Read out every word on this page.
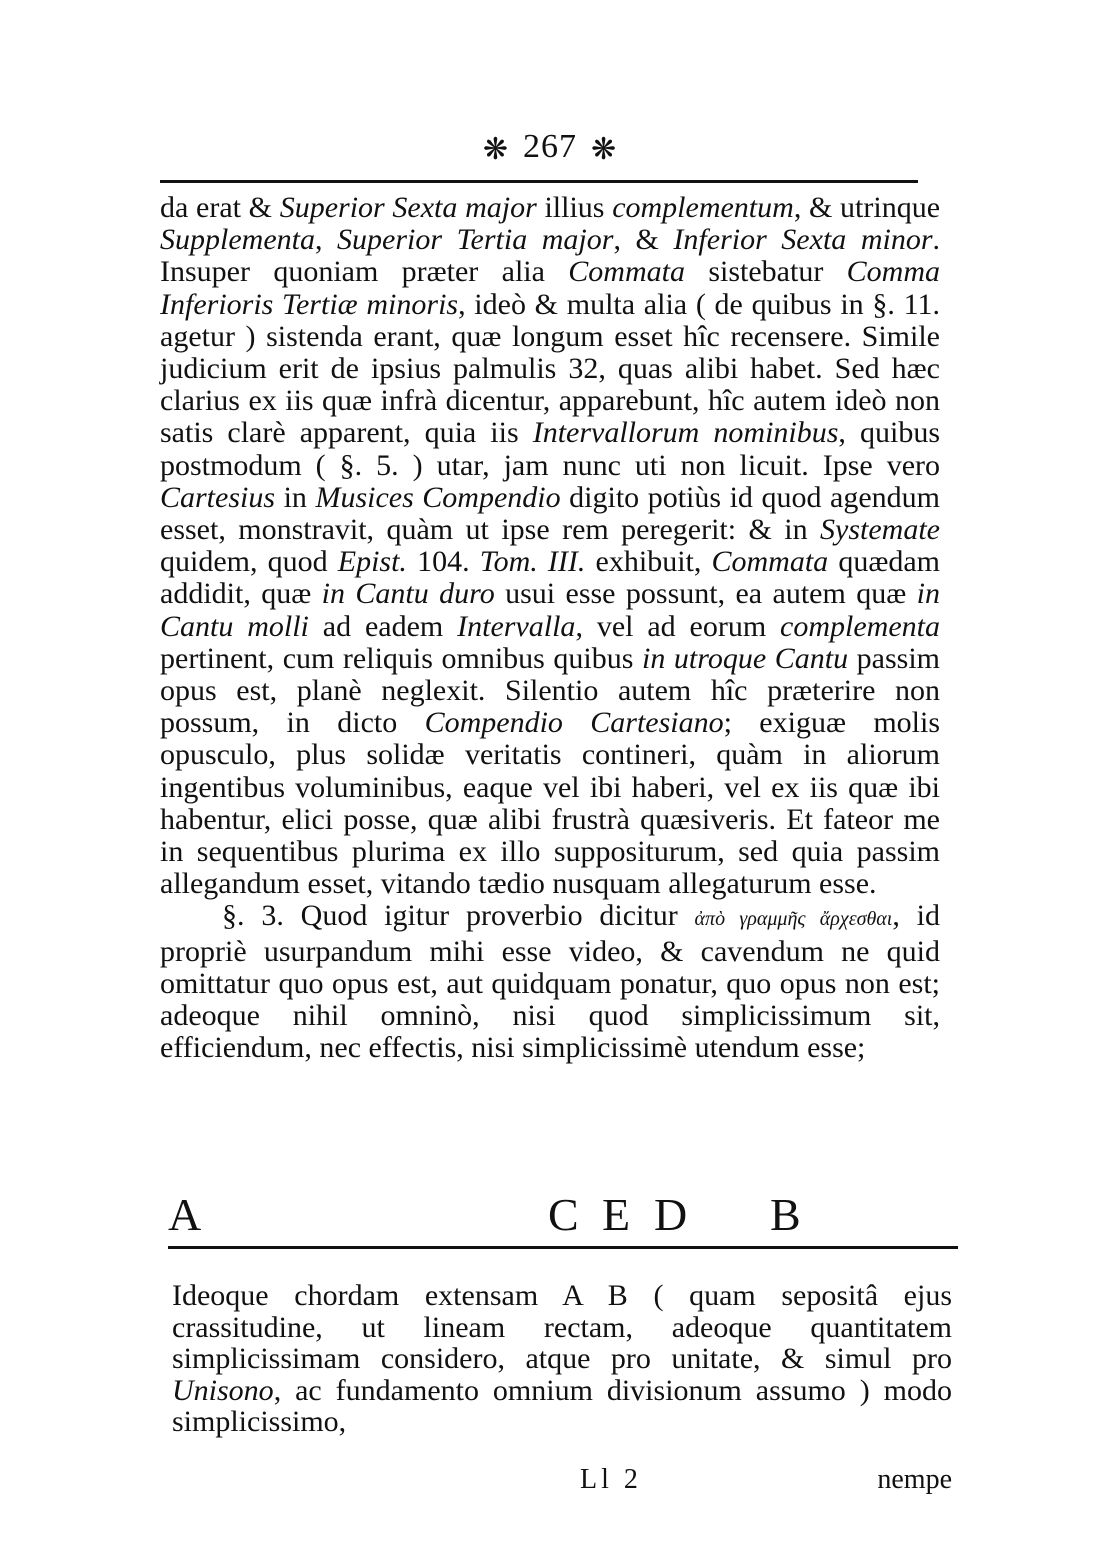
❋ 267 ❋

da erat & Superior Sexta major illius complementum, & utrinque Supplementa, Superior Tertia major, & Inferior Sexta minor. Insuper quoniam præter alia Commata sistebatur Comma Inferioris Tertiæ minoris, ideò & multa alia ( de quibus in §. 11. agetur ) sistenda erant, quæ longum esset hîc recensere. Simile judicium erit de ipsius palmulis 32, quas alibi habet. Sed hæc clarius ex iis quæ infrà dicentur, apparebunt, hîc autem ideò non satis clarè apparent, quia iis Intervallorum nominibus, quibus postmodum ( §. 5. ) utar, jam nunc uti non licuit. Ipse vero Cartesius in Musices Compendio digito potiùs id quod agendum esset, monstravit, quàm ut ipse rem peregerit: & in Systemate quidem, quod Epist. 104. Tom. III. exhibuit, Commata quædam addidit, quæ in Cantu duro usui esse possunt, ea autem quæ in Cantu molli ad eadem Intervalla, vel ad eorum complementa pertinent, cum reliquis omnibus quibus in utroque Cantu passim opus est, planè neglexit. Silentio autem hîc præterire non possum, in dicto Compendio Cartesiano; exiguæ molis opusculo, plus solidæ veritatis contineri, quàm in aliorum ingentibus voluminibus, eaque vel ibi haberi, vel ex iis quæ ibi habentur, elici posse, quæ alibi frustrà quæsiveris. Et fateor me in sequentibus plurima ex illo suppositurum, sed quia passim allegandum esset, vitando tædio nusquam allegaturum esse.

§. 3. Quod igitur proverbio dicitur ἀπὸ γραμμῆς ἄρχεσθαι, id propriè usurpandum mihi esse video, & cavendum ne quid omittatur quo opus est, aut quidquam ponatur, quo opus non est; adeoque nihil omninò, nisi quod simplicissimum sit, efficiendum, nec effectis, nisi simplicissimè utendum esse;

A	C E D B

Ideoque chordam extensam A B ( quam sepositâ ejus crassitudine, ut lineam rectam, adeoque quantitatem simplicissimam considero, atque pro unitate, & simul pro Unisono, ac fundamento omnium divisionum assumo ) modo simplicissimo,

Ll 2	nempe
